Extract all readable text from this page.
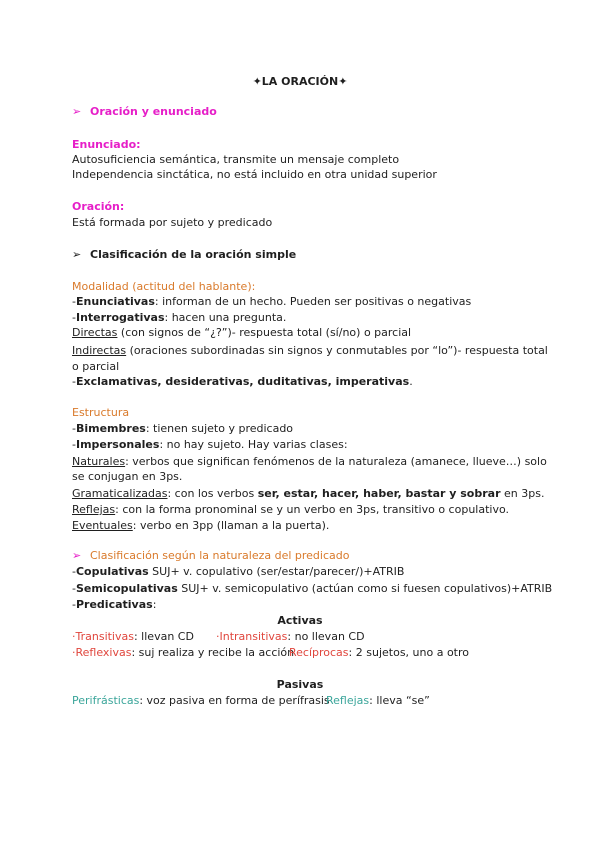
✦LA ORACIÓN✦
➢ Oración y enunciado
Enunciado:
Autosuficiencia semántica, transmite un mensaje completo
Independencia sinctática, no está incluido en otra unidad superior
Oración:
Está formada por sujeto y predicado
➢ Clasificación de la oración simple
Modalidad (actitud del hablante):
-Enunciativas: informan de un hecho. Pueden ser positivas o negativas
-Interrogativas: hacen una pregunta.
Directas (con signos de “¿?”)- respuesta total (sí/no) o parcial
Indirectas (oraciones subordinadas sin signos y conmutables por “lo”)- respuesta total
o parcial
-Exclamativas, desiderativas, duditativas, imperativas.
Estructura
-Bimembres: tienen sujeto y predicado
-Impersonales: no hay sujeto. Hay varias clases:
Naturales: verbos que significan fenómenos de la naturaleza (amanece, llueve…) solo
se conjugan en 3ps.
Gramaticalizadas: con los verbos ser, estar, hacer, haber, bastar y sobrar en 3ps.
Reflejas: con la forma pronominal se y un verbo en 3ps, transitivo o copulativo.
Eventuales: verbo en 3pp (llaman a la puerta).
➢ Clasificación según la naturaleza del predicado
-Copulativas SUJ+ v. copulativo (ser/estar/parecer/)+ATRIB
-Semicopulativas SUJ+ v. semicopulativo (actúan como si fuesen copulativos)+ATRIB
-Predicativas:
Activas
·Transitivas: llevan CD ·Intransitivas: no llevan CD
·Reflexivas: suj realiza y recibe la acción
Recíprocas: 2 sujetos, uno a otro
Pasivas
Perifrásticas: voz pasiva en forma de perífrasis
Reflejas: lleva “se”
